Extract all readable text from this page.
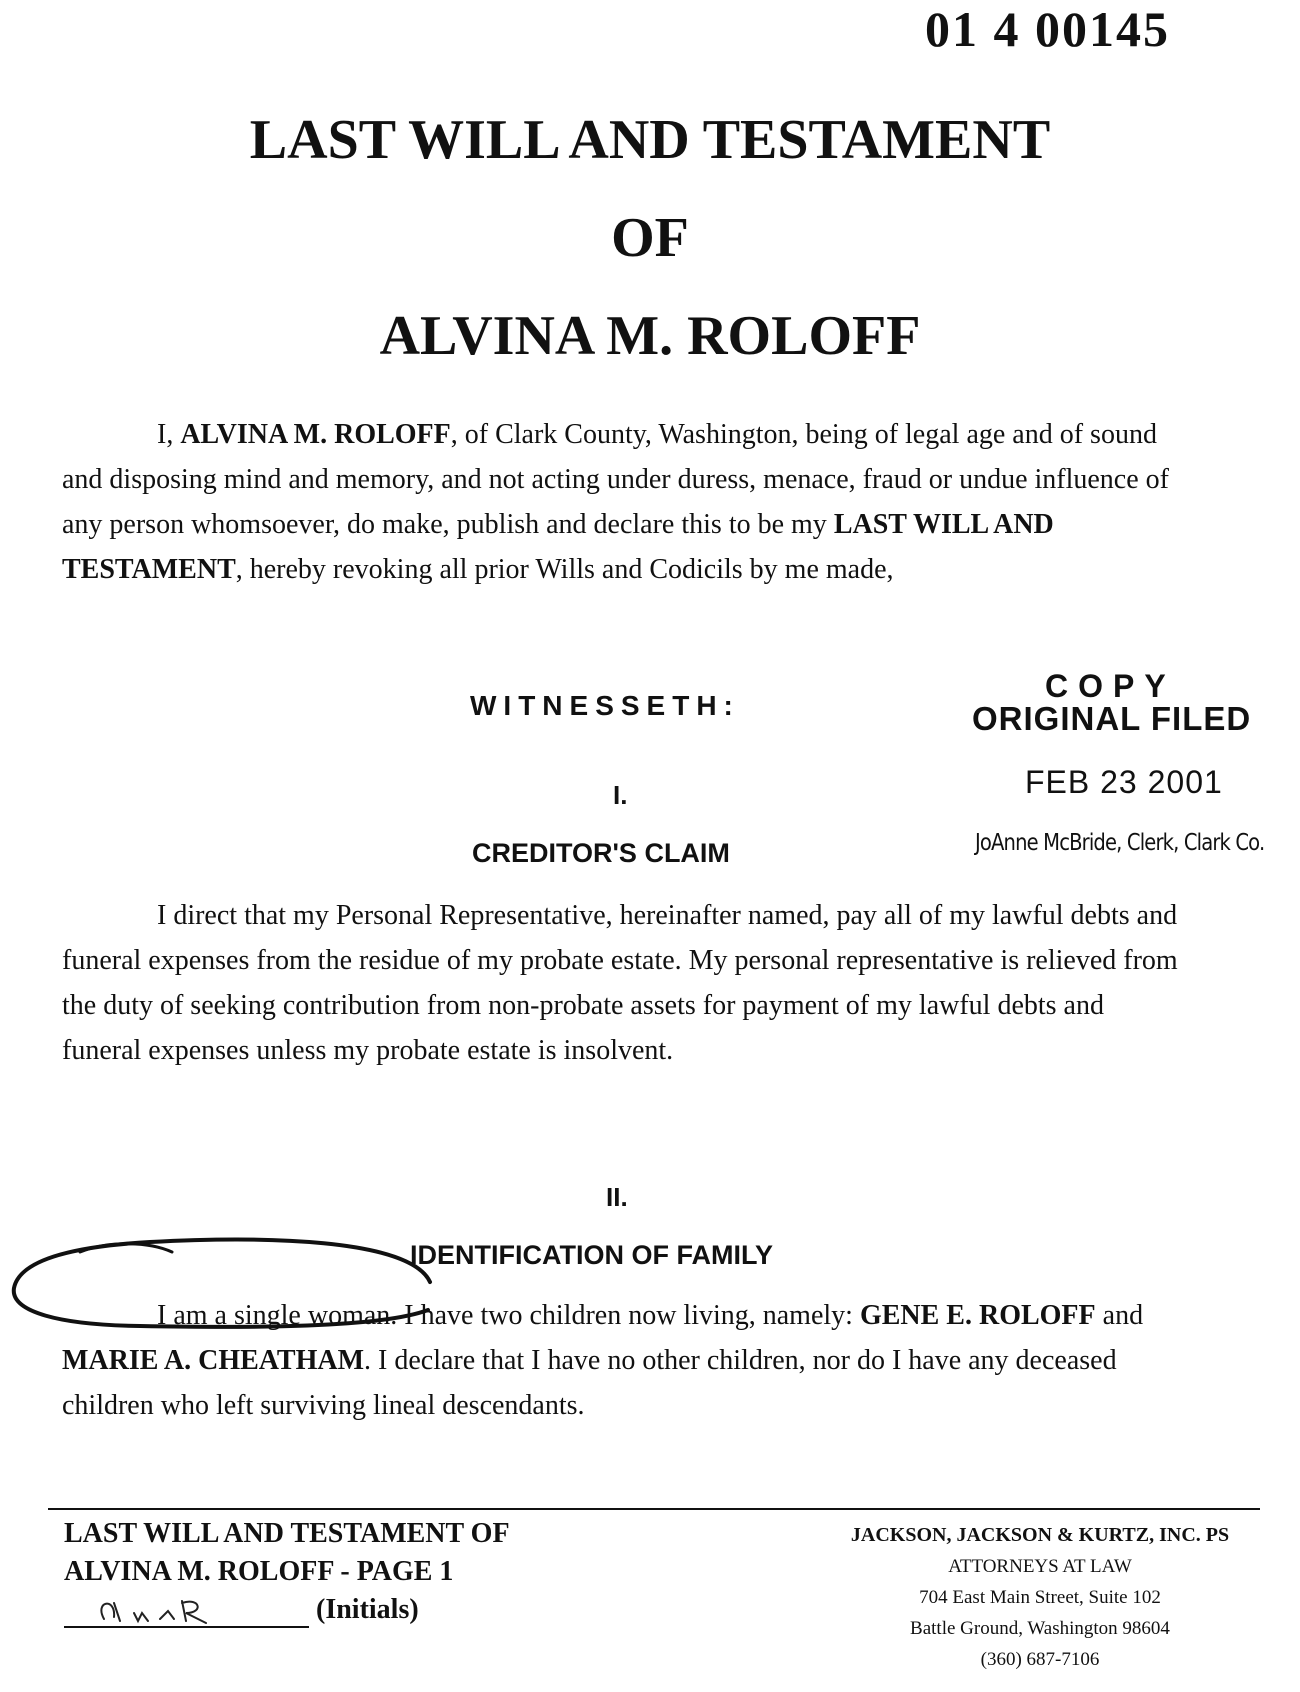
01 4 00145
LAST WILL AND TESTAMENT
OF
ALVINA M. ROLOFF
I, ALVINA M. ROLOFF, of Clark County, Washington, being of legal age and of sound and disposing mind and memory, and not acting under duress, menace, fraud or undue influence of any person whomsoever, do make, publish and declare this to be my LAST WILL AND TESTAMENT, hereby revoking all prior Wills and Codicils by me made,
WITNESSETH:
COPY
ORIGINAL FILED
FEB 23 2001
JoAnne McBride, Clerk, Clark Co.
I.
CREDITOR'S CLAIM
I direct that my Personal Representative, hereinafter named, pay all of my lawful debts and funeral expenses from the residue of my probate estate. My personal representative is relieved from the duty of seeking contribution from non-probate assets for payment of my lawful debts and funeral expenses unless my probate estate is insolvent.
II.
IDENTIFICATION OF FAMILY
I am a single woman. I have two children now living, namely: GENE E. ROLOFF and MARIE A. CHEATHAM. I declare that I have no other children, nor do I have any deceased children who left surviving lineal descendants.
LAST WILL AND TESTAMENT OF
ALVINA M. ROLOFF - PAGE 1
(Initials)
JACKSON, JACKSON & KURTZ, INC. PS
ATTORNEYS AT LAW
704 East Main Street, Suite 102
Battle Ground, Washington 98604
(360) 687-7106
